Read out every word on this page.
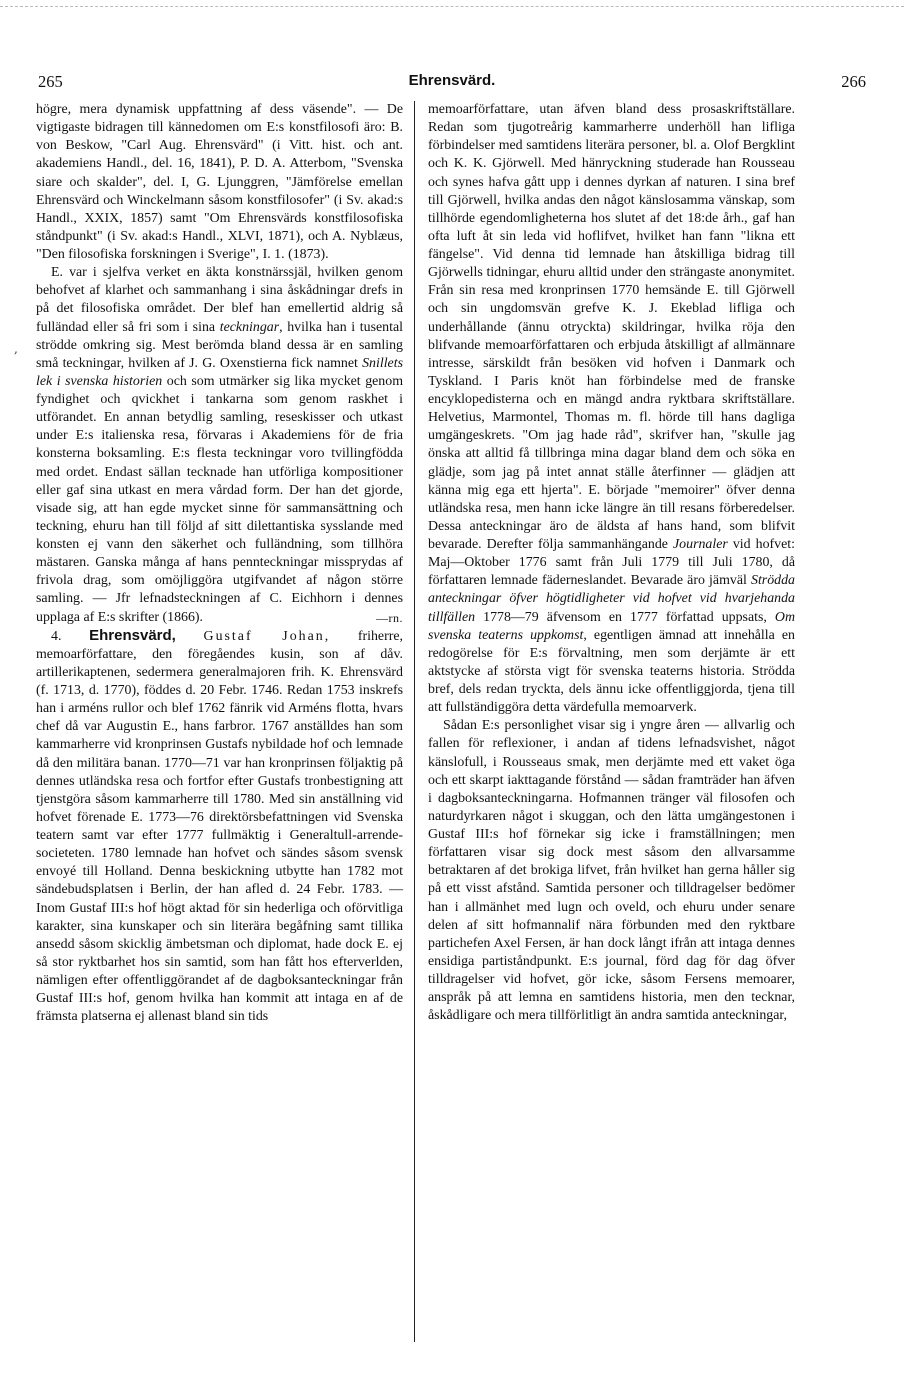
265	Ehrensvärd.	266
,

högre, mera dynamisk uppfattning af dess väsende". — De vigtigaste bidragen till kännedomen om E:s konstfilosofi äro: B. von Beskow, "Carl Aug. Ehrensvärd" (i Vitt. hist. och ant. akademiens Handl., del. 16, 1841), P. D. A. Atterbom, "Svenska siare och skalder", del. I, G. Ljunggren, "Jämförelse emellan Ehrensvärd och Winckelmann såsom konstfilosofer" (i Sv. akad:s Handl., XXIX, 1857) samt "Om Ehrensvärds konstfilosofiska ståndpunkt" (i Sv. akad:s Handl., XLVI, 1871), och A. Nyblæus, "Den filosofiska forskningen i Sverige", I. 1. (1873).

E. var i sjelfva verket en äkta konstnärssjäl, hvilken genom behofvet af klarhet och sammanhang i sina åskådningar drefs in på det filosofiska området. Der blef han emellertid aldrig så fulländad eller så fri som i sina teckningar, hvilka han i tusental strödde omkring sig. Mest berömda bland dessa är en samling små teckningar, hvilken af J. G. Oxenstierna fick namnet Snillets lek i svenska historien och som utmärker sig lika mycket genom fyndighet och qvickhet i tankarna som genom raskhet i utförandet. En annan betydlig samling, reseskisser och utkast under E:s italienska resa, förvaras i Akademiens för de fria konsterna boksamling. E:s flesta teckningar voro tvillingfödda med ordet. Endast sällan tecknade han utförliga kompositioner eller gaf sina utkast en mera vårdad form. Der han det gjorde, visade sig, att han egde mycket sinne för sammansättning och teckning, ehuru han till följd af sitt dilettantiska sysslande med konsten ej vann den säkerhet och fulländning, som tillhöra mästaren. Ganska många af hans pennteckningar missprydas af frivola drag, som omöjliggöra utgifvandet af någon större samling. — Jfr lefnadsteckningen af C. Eichhorn i dennes upplaga af E:s skrifter (1866).	—rn.

4. Ehrensvärd, Gustaf Johan, friherre, memoarförfattare, den föregåendes kusin, son af dåv. artillerikaptenen, sedermera generalmajoren frih. K. Ehrensvärd (f. 1713, d. 1770), föddes d. 20 Febr. 1746. Redan 1753 inskrefs han i arméns rullor och blef 1762 fänrik vid Arméns flotta, hvars chef då var Augustin E., hans farbror. 1767 anställdes han som kammarherre vid kronprinsen Gustafs nybildade hof och lemnade då den militära banan. 1770—71 var han kronprinsen följaktig på dennes utländska resa och fortfor efter Gustafs tronbestigning att tjenstgöra såsom kammarherre till 1780. Med sin anställning vid hofvet förenade E. 1773—76 direktörsbefattningen vid Svenska teatern samt var efter 1777 fullmäktig i Generaltull-arrende-societeten. 1780 lemnade han hofvet och sändes såsom svensk envoyé till Holland. Denna beskickning utbytte han 1782 mot sändebudsplatsen i Berlin, der han afled d. 24 Febr. 1783. — Inom Gustaf III:s hof högt aktad för sin hederliga och oförvitliga karakter, sina kunskaper och sin literära begåfning samt tillika ansedd såsom skicklig ämbetsman och diplomat, hade dock E. ej så stor ryktbarhet hos sin samtid, som han fått hos efterverlden, nämligen efter offentliggörandet af de dagboksanteckningar från Gustaf III:s hof, genom hvilka han kommit att intaga en af de främsta platserna ej allenast bland sin tids

memoarförfattare, utan äfven bland dess prosaskriftställare. Redan som tjugotreårig kammarherre underhöll han lifliga förbindelser med samtidens literära personer, bl. a. Olof Bergklint och K. K. Gjörwell. Med hänryckning studerade han Rousseau och synes hafva gått upp i dennes dyrkan af naturen. I sina bref till Gjörwell, hvilka andas den något känslosamma vänskap, som tillhörde egendomligheterna hos slutet af det 18:de årh., gaf han ofta luft åt sin leda vid hoflifvet, hvilket han fann "likna ett fängelse". Vid denna tid lemnade han åtskilliga bidrag till Gjörwells tidningar, ehuru alltid under den strängaste anonymitet. Från sin resa med kronprinsen 1770 hemsände E. till Gjörwell och sin ungdomsvän grefve K. J. Ekeblad lifliga och underhållande (ännu otryckta) skildringar, hvilka röja den blifvande memoarförfattaren och erbjuda åtskilligt af allmännare intresse, särskildt från besöken vid hofven i Danmark och Tyskland. I Paris knöt han förbindelse med de franske encyklopedisterna och en mängd andra ryktbara skriftställare. Helvetius, Marmontel, Thomas m. fl. hörde till hans dagliga umgängeskrets. "Om jag hade råd", skrifver han, "skulle jag önska att alltid få tillbringa mina dagar bland dem och söka en glädje, som jag på intet annat ställe återfinner — glädjen att känna mig ega ett hjerta". E. började "memoirer" öfver denna utländska resa, men hann icke längre än till resans förberedelser. Dessa anteckningar äro de äldsta af hans hand, som blifvit bevarade. Derefter följa sammanhängande Journaler vid hofvet: Maj—Oktober 1776 samt från Juli 1779 till Juli 1780, då författaren lemnade fäderneslandet. Bevarade äro jämväl Strödda anteckningar öfver högtidligheter vid hofvet vid hvarjehanda tillfällen 1778—79 äfvensom en 1777 författad uppsats, Om svenska teaterns uppkomst, egentligen ämnad att innehålla en redogörelse för E:s förvaltning, men som derjämte är ett aktstycke af största vigt för svenska teaterns historia. Strödda bref, dels redan tryckta, dels ännu icke offentliggjorda, tjena till att fullständiggöra detta värdefulla memoarverk.

Sådan E:s personlighet visar sig i yngre åren — allvarlig och fallen för reflexioner, i andan af tidens lefnadsvishet, något känslofull, i Rousseaus smak, men derjämte med ett vaket öga och ett skarpt iakttagande förstånd — sådan framträder han äfven i dagboksanteckningarna. Hofmannen tränger väl filosofen och naturdyrkaren något i skuggan, och den lätta umgängestonen i Gustaf III:s hof förnekar sig icke i framställningen; men författaren visar sig dock mest såsom den allvarsamme betraktaren af det brokiga lifvet, från hvilket han gerna håller sig på ett visst afstånd. Samtida personer och tilldragelser bedömer han i allmänhet med lugn och oveld, och ehuru under senare delen af sitt hofmannalif nära förbunden med den ryktbare partichefen Axel Fersen, är han dock långt ifrån att intaga dennes ensidiga partiståndpunkt. E:s journal, förd dag för dag öfver tilldragelser vid hofvet, gör icke, såsom Fersens memoarer, anspråk på att lemna en samtidens historia, men den tecknar, åskådligare och mera tillförlitligt än andra samtida anteckningar,
